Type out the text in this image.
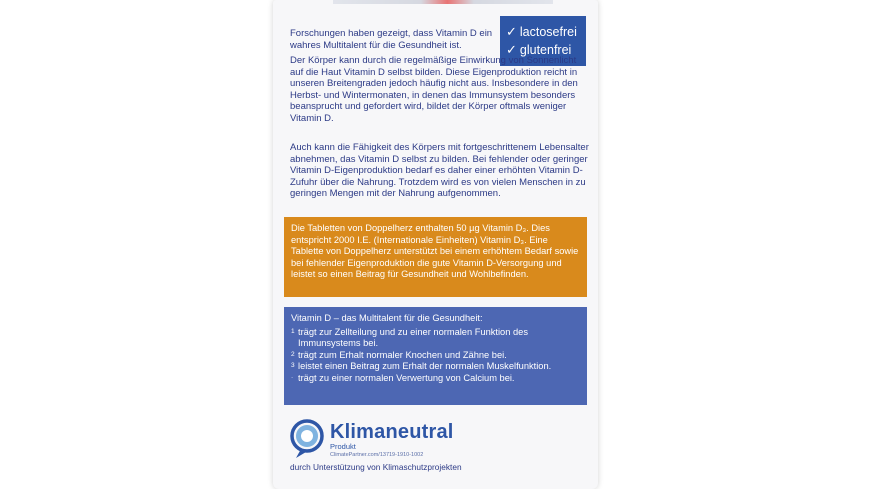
Forschungen haben gezeigt, dass Vitamin D ein wahres Multitalent für die Gesundheit ist.

✓ lactosefrei
✓ glutenfrei

Der Körper kann durch die regelmäßige Einwirkung von Sonnenlicht auf die Haut Vitamin D selbst bilden. Diese Eigenproduktion reicht in unseren Breitengraden jedoch häufig nicht aus. Insbesondere in den Herbst- und Wintermonaten, in denen das Immunsystem besonders beansprucht und gefordert wird, bildet der Körper oftmals weniger Vitamin D.

Auch kann die Fähigkeit des Körpers mit fortgeschrittenem Lebensalter abnehmen, das Vitamin D selbst zu bilden. Bei fehlender oder geringer Vitamin D-Eigenproduktion bedarf es daher einer erhöhten Vitamin D-Zufuhr über die Nahrung. Trotzdem wird es von vielen Menschen in zu geringen Mengen mit der Nahrung aufgenommen.

Die Tabletten von Doppelherz enthalten 50 µg Vitamin D₃. Dies entspricht 2000 I.E. (Internationale Einheiten) Vitamin D₃. Eine Tablette von Doppelherz unterstützt bei einem erhöhtem Bedarf sowie bei fehlender Eigenproduktion die gute Vitamin D-Versorgung und leistet so einen Beitrag für Gesundheit und Wohlbefinden.

Vitamin D – das Multitalent für die Gesundheit:

1 trägt zur Zellteilung und zu einer normalen Funktion des Immunsystems bei.
2 trägt zum Erhalt normaler Knochen und Zähne bei.
3 leistet einen Beitrag zum Erhalt der normalen Muskelfunktion.
· trägt zu einer normalen Verwertung von Calcium bei.
Klimaneutral
Produkt
ClimatePartner.com/13719-1910-1002
durch Unterstützung von Klimaschutzprojekten
